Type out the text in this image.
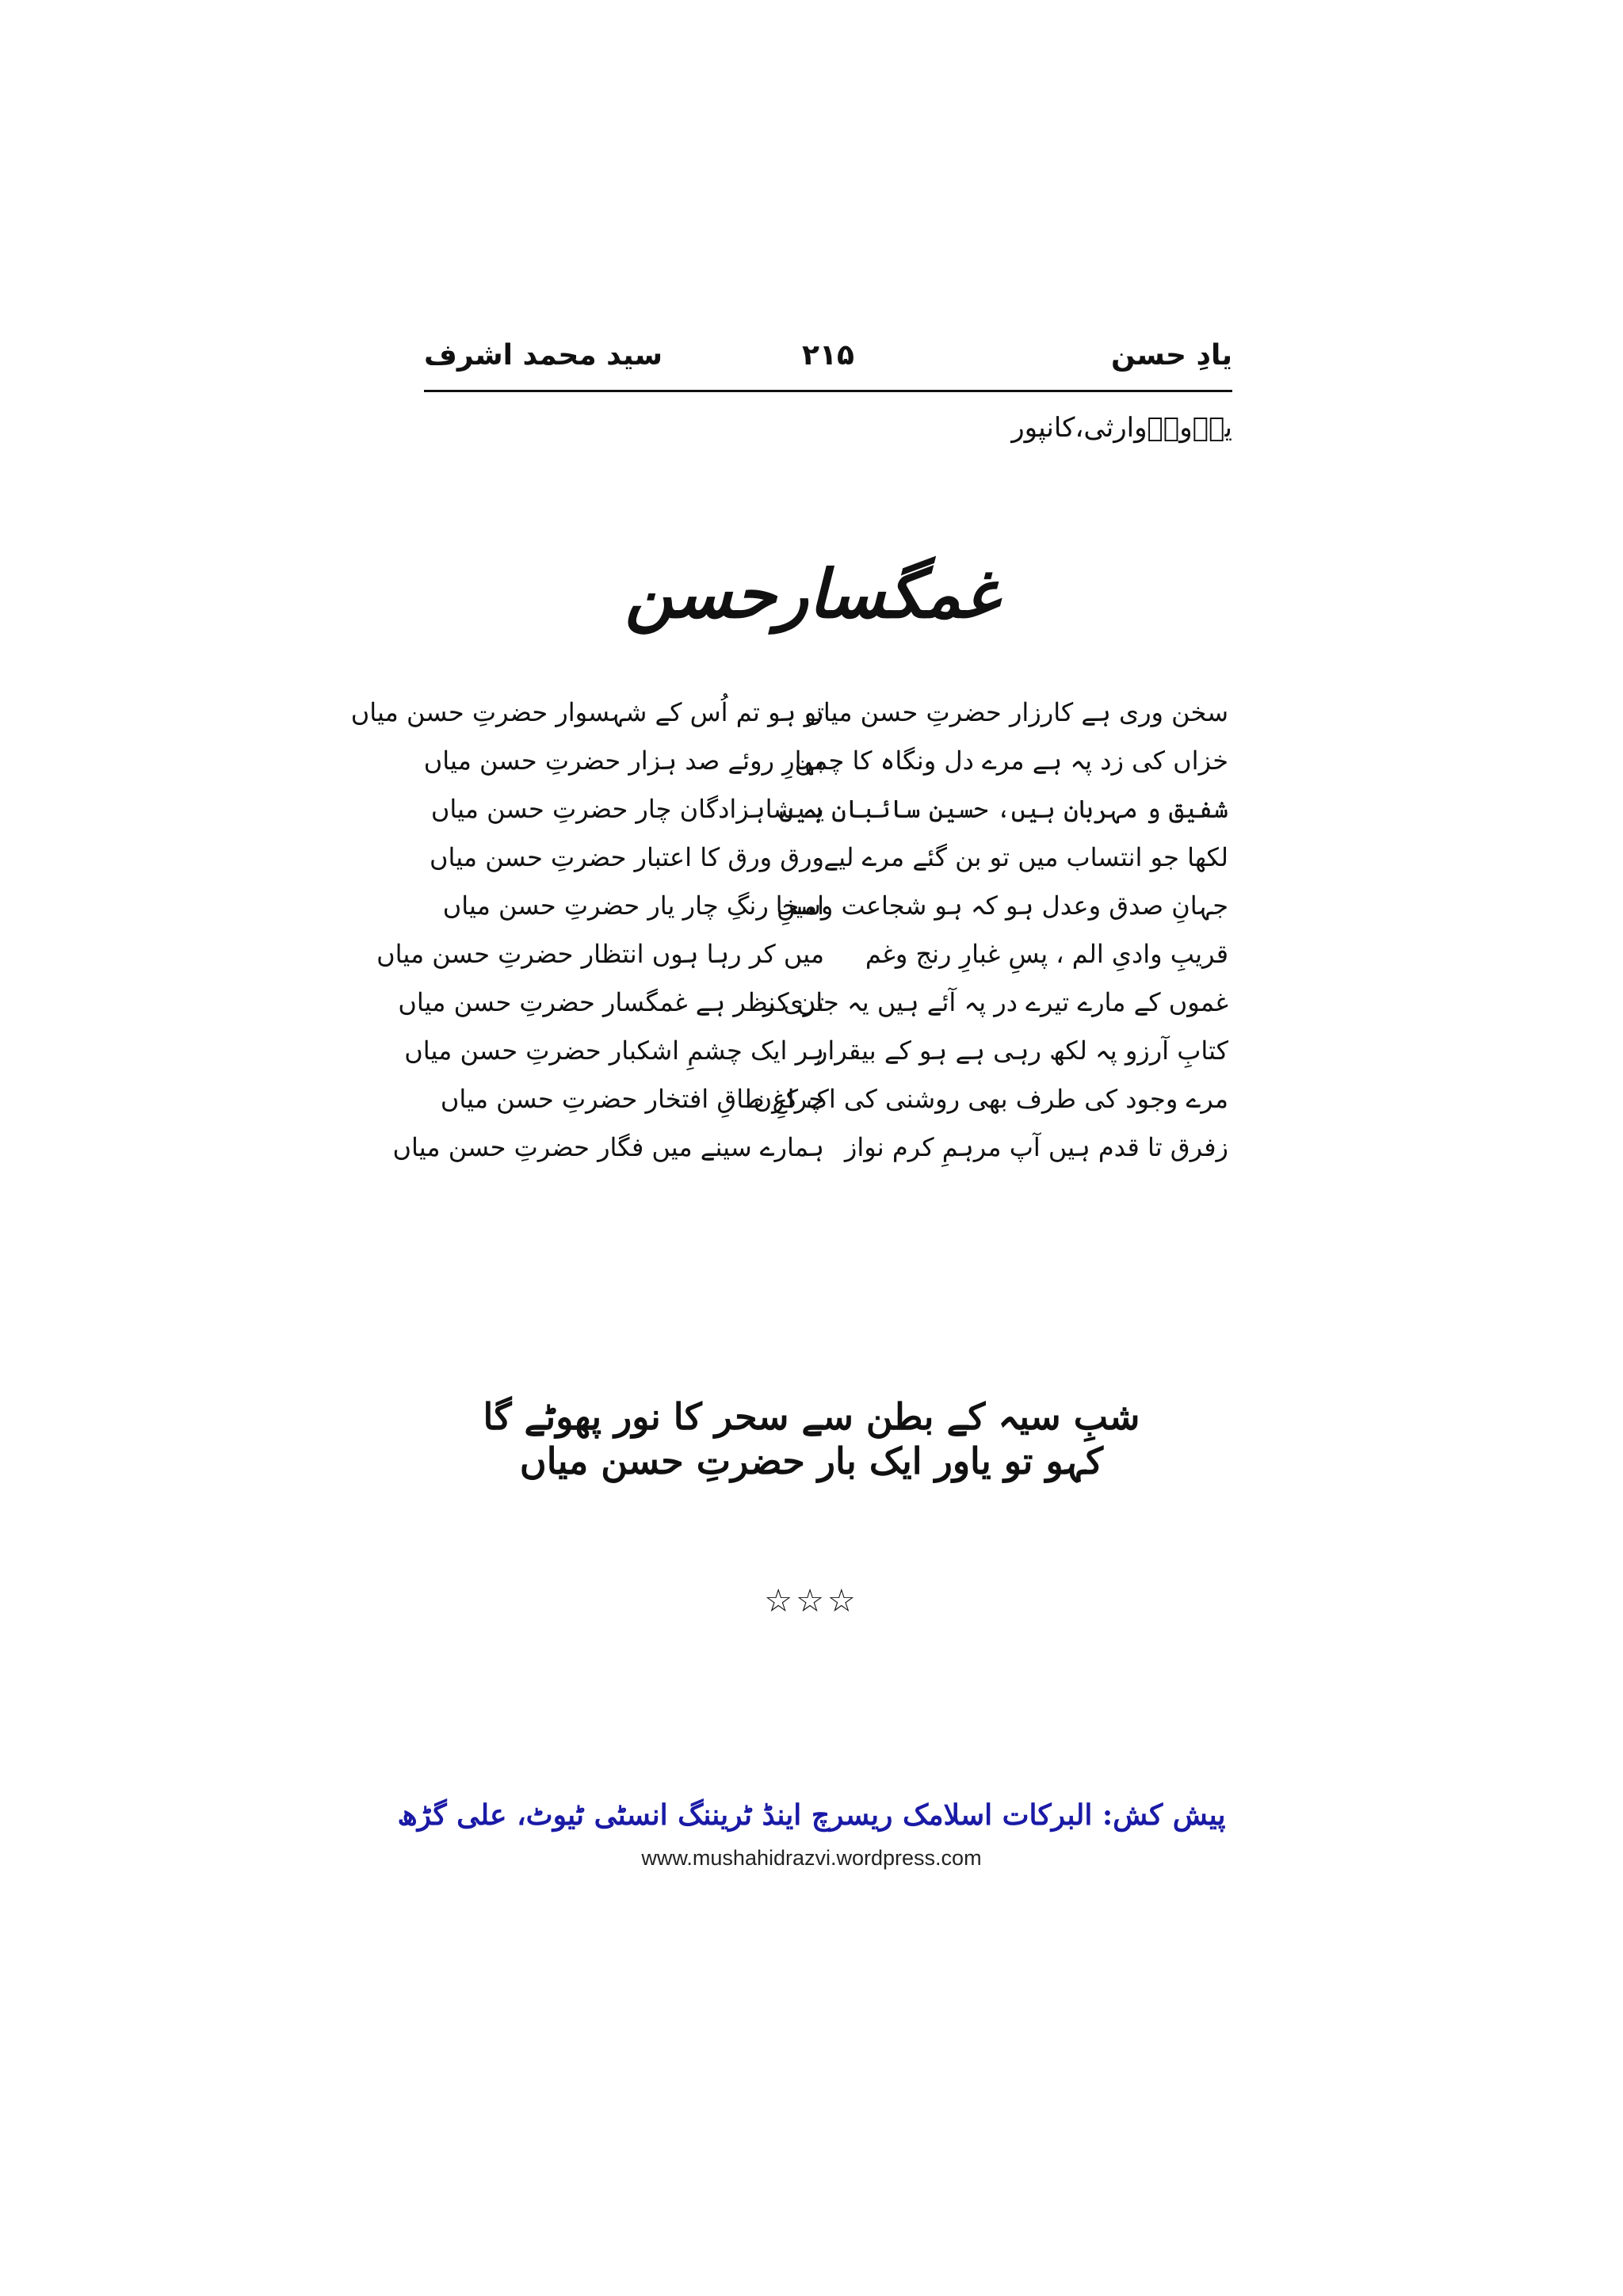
یادِ حسن
۲۱۵
سید محمد اشرف
یاؔورؔوارثی،کانپور
غمگسارحسن
سخن وری ہے کارزار حضرتِ حسن میاں
تو ہو تم اُس کے شہسوار حضرتِ حسن میاں
خزاں کی زد پہ ہے مرے دل ونگاہ کا چمن
بہارِ روئے صد ہزار حضرتِ حسن میاں
شفیق و مہربان ہیں، حسین سائبان ہیں
یہ شاہزادگان چار حضرتِ حسن میاں
لکھا جو انتساب میں تو بن گئے مرے لیے
ورق ورق کا اعتبار حضرتِ حسن میاں
جہانِ صدق وعدل ہو کہ ہو شجاعت وسخا
امینِ رنگِ چار یار حضرتِ حسن میاں
قریبِ وادیِ الم ، پسِ غبارِ رنج وغم
میں کر رہا ہوں انتظار حضرتِ حسن میاں
غموں کے مارے تیرے در پہ آئے ہیں یہ جان کر
تری نظر ہے غمگسار حضرتِ حسن میاں
کتابِ آرزو پہ لکھ رہی ہے ہو کے بیقرار
ہر ایک چشمِ اشکبار حضرتِ حسن میاں
مرے وجود کی طرف بھی روشنی کی اک کرن
چراغِ طاقِ افتخار حضرتِ حسن میاں
زفرق تا قدم ہیں آپ مرہمِ کرم نواز
ہمارے سینے میں فگار حضرتِ حسن میاں
شبِ سیہ کے بطن سے سحر کا نور پھوٹے گا
کہو تو یاور ایک بار حضرتِ حسن میاں
☆☆☆
پیش کش: البرکات اسلامک ریسرچ اینڈ ٹریننگ انسٹی ٹیوٹ، علی گڑھ
www.mushahidrazvi.wordpress.com
